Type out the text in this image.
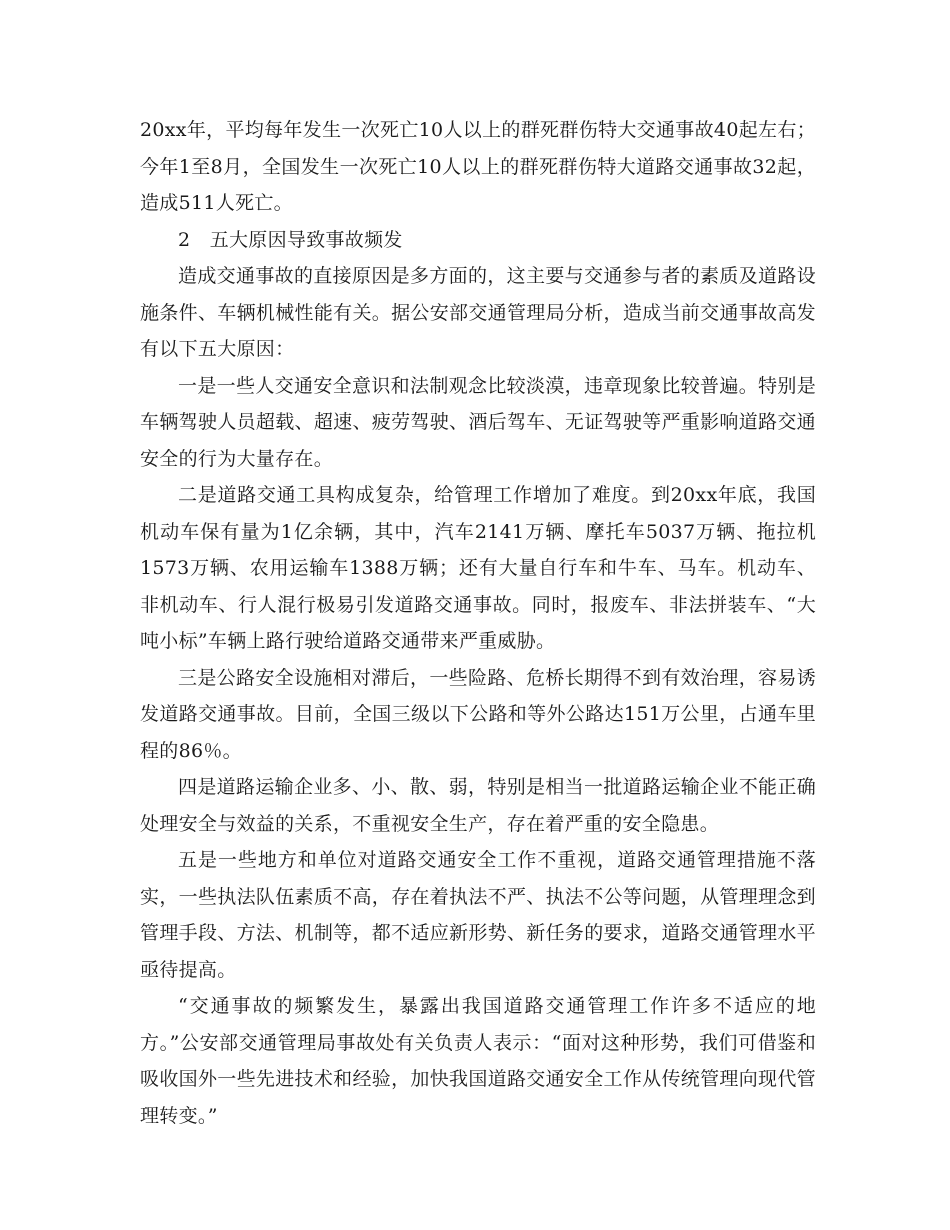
20xx年，平均每年发生一次死亡10人以上的群死群伤特大交通事故40起左右；今年1至8月，全国发生一次死亡10人以上的群死群伤特大道路交通事故32起，造成511人死亡。

2　五大原因导致事故频发

造成交通事故的直接原因是多方面的，这主要与交通参与者的素质及道路设施条件、车辆机械性能有关。据公安部交通管理局分析，造成当前交通事故高发有以下五大原因：

一是一些人交通安全意识和法制观念比较淡漠，违章现象比较普遍。特别是车辆驾驶人员超载、超速、疲劳驾驶、酒后驾车、无证驾驶等严重影响道路交通安全的行为大量存在。

二是道路交通工具构成复杂，给管理工作增加了难度。到20xx年底，我国机动车保有量为1亿余辆，其中，汽车2141万辆、摩托车5037万辆、拖拉机1573万辆、农用运输车1388万辆；还有大量自行车和牛车、马车。机动车、非机动车、行人混行极易引发道路交通事故。同时，报废车、非法拼装车、“大吨小标”车辆上路行驶给道路交通带来严重威胁。

三是公路安全设施相对滞后，一些险路、危桥长期得不到有效治理，容易诱发道路交通事故。目前，全国三级以下公路和等外公路达151万公里，占通车里程的86％。

四是道路运输企业多、小、散、弱，特别是相当一批道路运输企业不能正确处理安全与效益的关系，不重视安全生产，存在着严重的安全隐患。

五是一些地方和单位对道路交通安全工作不重视，道路交通管理措施不落实，一些执法队伍素质不高，存在着执法不严、执法不公等问题，从管理理念到管理手段、方法、机制等，都不适应新形势、新任务的要求，道路交通管理水平亟待提高。

“交通事故的频繁发生，暴露出我国道路交通管理工作许多不适应的地方。”公安部交通管理局事故处有关负责人表示：“面对这种形势，我们可借鉴和吸收国外一些先进技术和经验，加快我国道路交通安全工作从传统管理向现代管理转变。”
